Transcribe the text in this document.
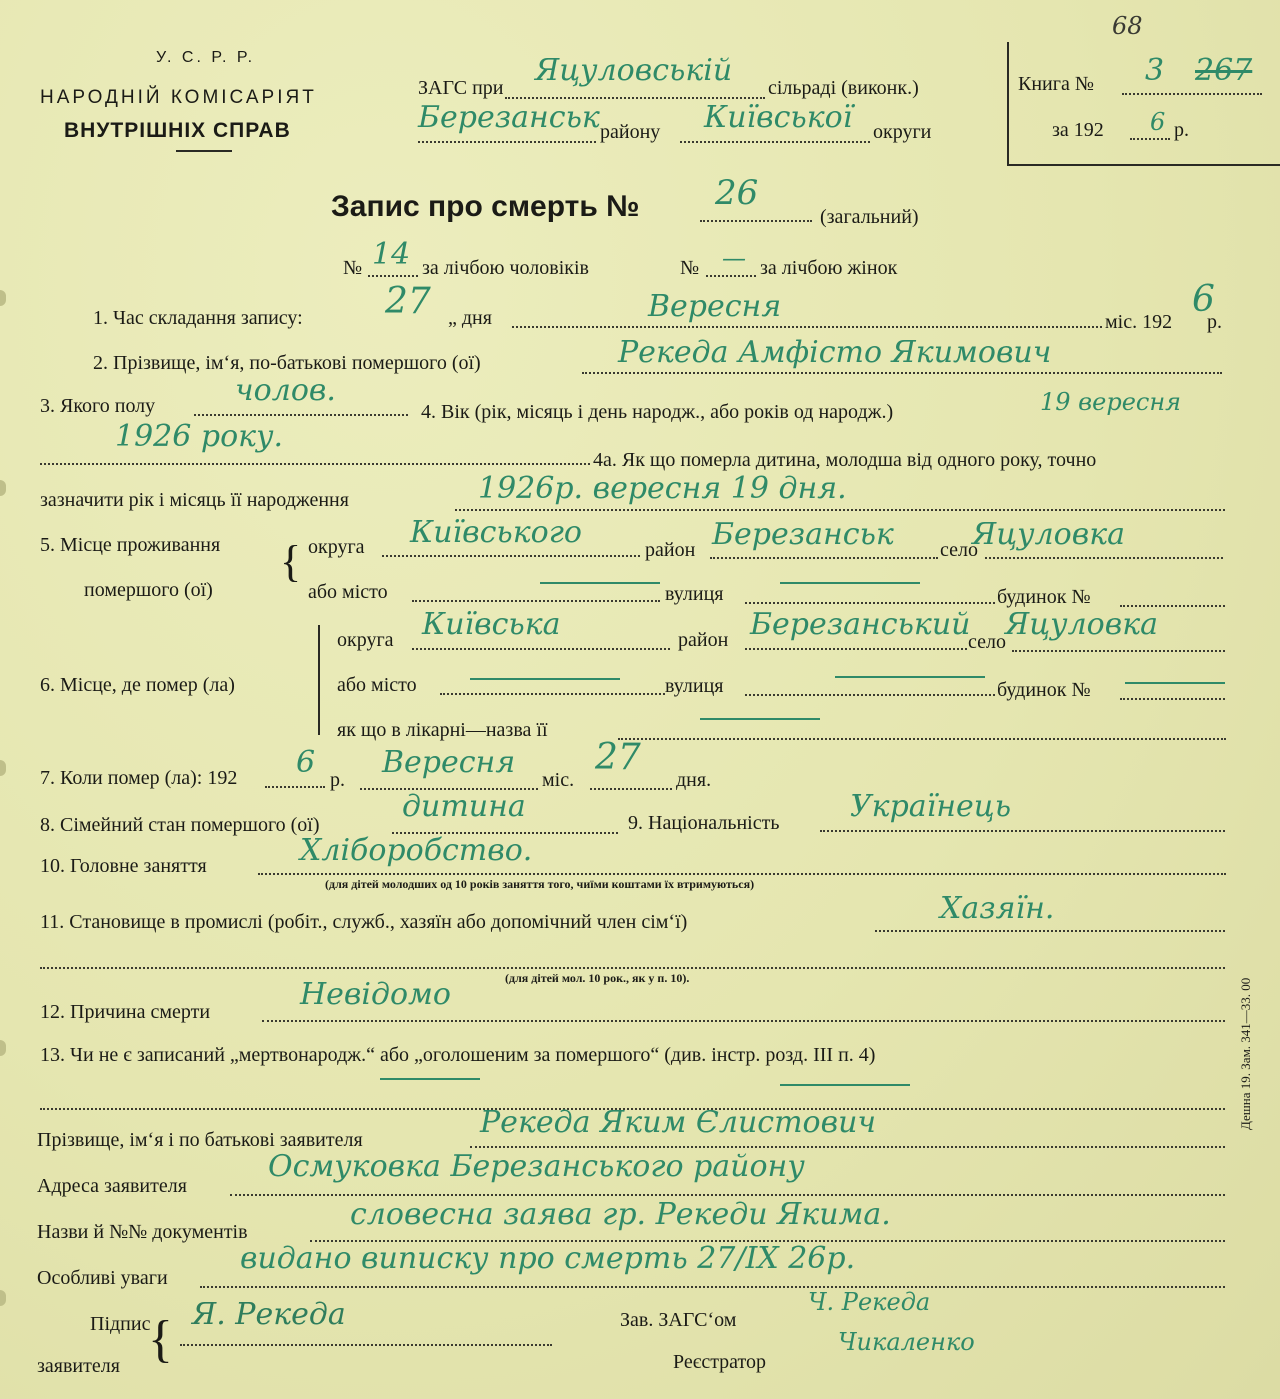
У. С. Р. Р.
НАРОДНІЙ КОМІСАРІЯТ
ВНУТРІШНІХ СПРАВ
ЗАГС при Яцуловській сільраді (виконк.)
Березанськ району Київської округи
68
Книга № 3 267
за 192 6 р.
Запис про смерть № 26
(загальний)
№ 14 за лічбою чоловіків	№ — за лічбою жінок
1. Час складання запису: 27 „ дня	Вересня	міс. 192
6
р.
2. Прізвище, ім‘я, по-батькові помершого (ої)	Рекеда Амфісто Якимович
3. Якого полу	чолов.
4. Вік (рік, місяць і день народж., або років од народж.)	19 вересня
1926 року.
4а. Як що померла дитина, молодша від одного року, точно
зазначити рік і місяць її народження	1926р. вересня 19 дня.
5. Місце проживання
помершого (ої)
{ округа Київського	район Березанськ село
Яцуловка
або місто	вулиця	будинок №
6. Місце, де помер (ла)
округа Київська	район Березанський
село Яцуловка
або місто	вулиця	будинок №
як що в лікарні—назва її
7. Коли помер (ла): 192 6 р. Вересня міс.
27
дня.
8. Сімейний стан помершого (ої)
дитина	9. Національність Українець
10. Головне заняття	Хліборобство.
(для дітей молодших од 10 років заняття того, чиїми коштами їх втримуються)
11. Становище в промислі (робіт., служб., хазяїн або допомічний член сім‘ї)	Хазяїн.
(для дітей мол. 10 рок., як у п. 10).
12. Причина смерти	Невідомо
13. Чи не є записаний „мертвонародж.“ або „оголошеним за помершого“ (див. інстр. розд. III п. 4)
Прізвище, ім‘я і по батькові заявителя	Рекеда Яким Єлистович
Адреса заявителя
Осмуковка Березанського району
Назви й №№ документів	словесна заява гр. Рекеди Якима.
Особливі уваги
видано виписку про смерть 27/IX 26р.
Підпис
заявителя { Я. Рекеда	Зав. ЗАГС‘ом
Ч. Рекеда
Реєстратор
Чикаленко
Дешна 19. Зам. 341—33. 00
